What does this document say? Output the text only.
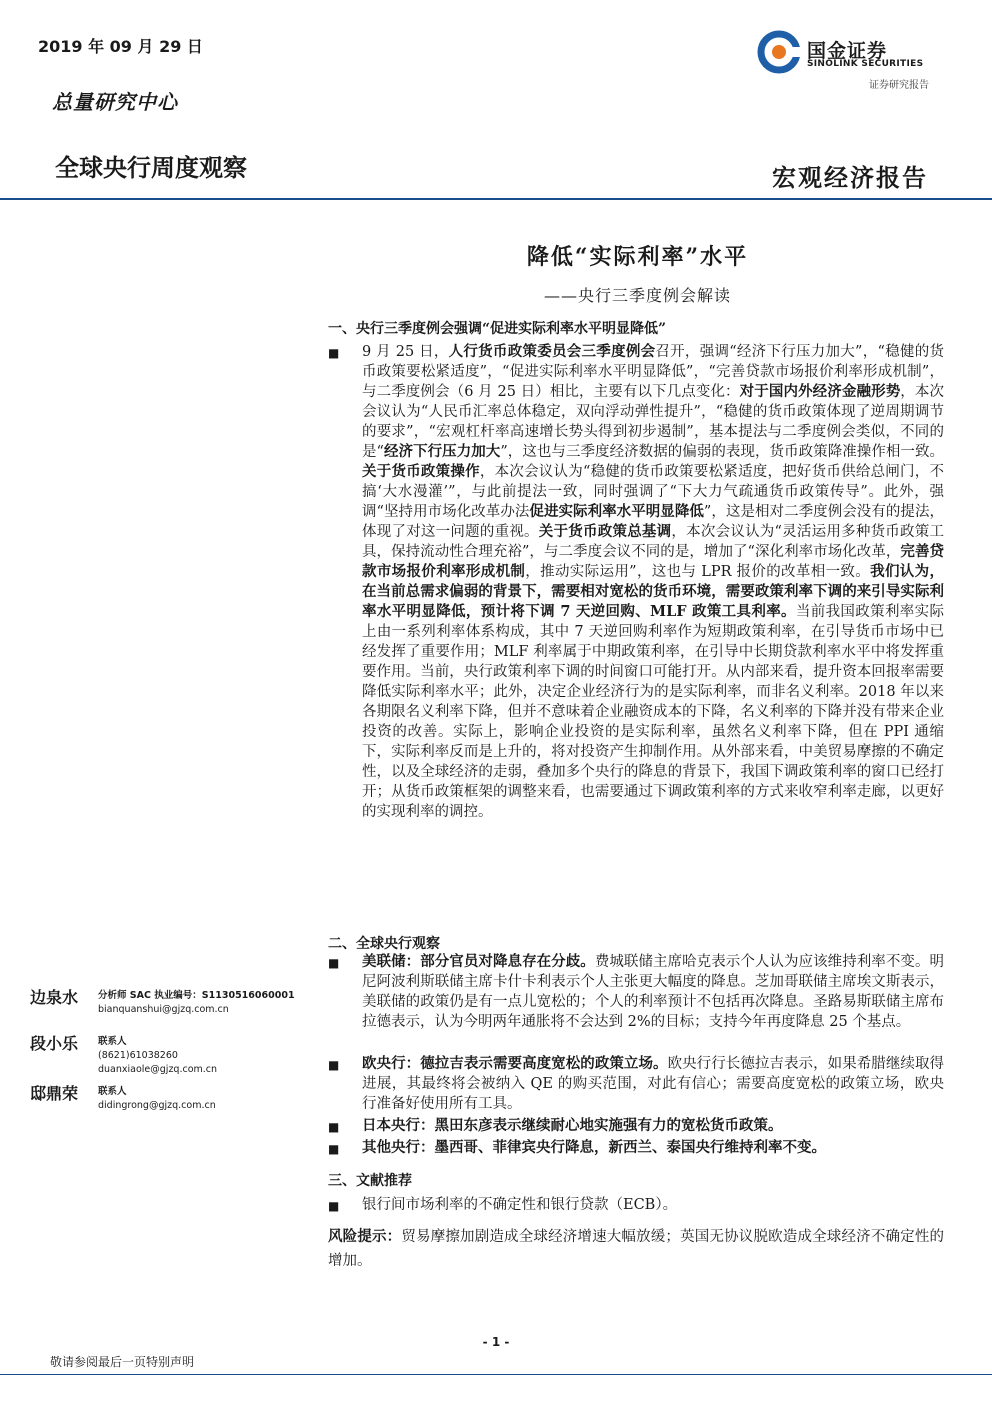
2019 年 09 月 29 日
总量研究中心
全球央行周度观察	宏观经济报告
国金证券
SINOLINK SECURITIES
证券研究报告
降低“实际利率”水平
——央行三季度例会解读
一、央行三季度例会强调“促进实际利率水平明显降低”
■ 9 月 25 日，人行货币政策委员会三季度例会召开，强调“经济下行压力加大”，“稳健的货币政策要松紧适度”，“促进实际利率水平明显降低”，“完善贷款市场报价利率形成机制”，与二季度例会（6 月 25 日）相比，主要有以下几点变化：对于国内外经济金融形势，本次会议认为“人民币汇率总体稳定，双向浮动弹性提升”，“稳健的货币政策体现了逆周期调节的要求”，“宏观杠杆率高速增长势头得到初步遏制”，基本提法与二季度例会类似，不同的是“经济下行压力加大”，这也与三季度经济数据的偏弱的表现，货币政策降准操作相一致。关于货币政策操作，本次会议认为“稳健的货币政策要松紧适度，把好货币供给总闸门，不搞‘大水漫灌’”，与此前提法一致，同时强调了“下大力气疏通货币政策传导”。此外，强调“坚持用市场化改革办法促进实际利率水平明显降低”，这是相对二季度例会没有的提法，体现了对这一问题的重视。关于货币政策总基调，本次会议认为“灵活运用多种货币政策工具，保持流动性合理充裕”，与二季度会议不同的是，增加了“深化利率市场化改革，完善贷款市场报价利率形成机制，推动实际运用”，这也与 LPR 报价的改革相一致。我们认为，在当前总需求偏弱的背景下，需要相对宽松的货币环境，需要政策利率下调的来引导实际利率水平明显降低，预计将下调 7 天逆回购、MLF 政策工具利率。当前我国政策利率实际上由一系列利率体系构成，其中 7 天逆回购利率作为短期政策利率，在引导货币市场中已经发挥了重要作用；MLF 利率属于中期政策利率，在引导中长期贷款利率水平中将发挥重要作用。当前，央行政策利率下调的时间窗口可能打开。从内部来看，提升资本回报率需要降低实际利率水平；此外，决定企业经济行为的是实际利率，而非名义利率。2018 年以来各期限名义利率下降，但并不意味着企业融资成本的下降，名义利率的下降并没有带来企业投资的改善。实际上，影响企业投资的是实际利率，虽然名义利率下降，但在 PPI 通缩下，实际利率反而是上升的，将对投资产生抑制作用。从外部来看，中美贸易摩擦的不确定性，以及全球经济的走弱，叠加多个央行的降息的背景下，我国下调政策利率的窗口已经打开；从货币政策框架的调整来看，也需要通过下调政策利率的方式来收窄利率走廊，以更好的实现利率的调控。
二、全球央行观察
■ 美联储：部分官员对降息存在分歧。费城联储主席哈克表示个人认为应该维持利率不变。明尼阿波利斯联储主席卡什卡利表示个人主张更大幅度的降息。芝加哥联储主席埃文斯表示，美联储的政策仍是有一点儿宽松的；个人的利率预计不包括再次降息。圣路易斯联储主席布拉德表示，认为今明两年通胀将不会达到 2%的目标；支持今年再度降息 25 个基点。
■ 欧央行：德拉吉表示需要高度宽松的政策立场。欧央行行长德拉吉表示，如果希腊继续取得进展，其最终将会被纳入 QE 的购买范围，对此有信心；需要高度宽松的政策立场，欧央行准备好使用所有工具。
■ 日本央行：黑田东彦表示继续耐心地实施强有力的宽松货币政策。
■ 其他央行：墨西哥、菲律宾央行降息，新西兰、泰国央行维持利率不变。
三、文献推荐
■ 银行间市场利率的不确定性和银行贷款（ECB）。
风险提示：贸易摩擦加剧造成全球经济增速大幅放缓；英国无协议脱欧造成全球经济不确定性的增加。
边泉水 分析师 SAC 执业编号：S1130516060001
bianquanshui@gjzq.com.cn
段小乐 联系人
(8621)61038260
duanxiaole@gjzq.com.cn
邸鼎荣 联系人
didingrong@gjzq.com.cn
- 1 -
敬请参阅最后一页特别声明
